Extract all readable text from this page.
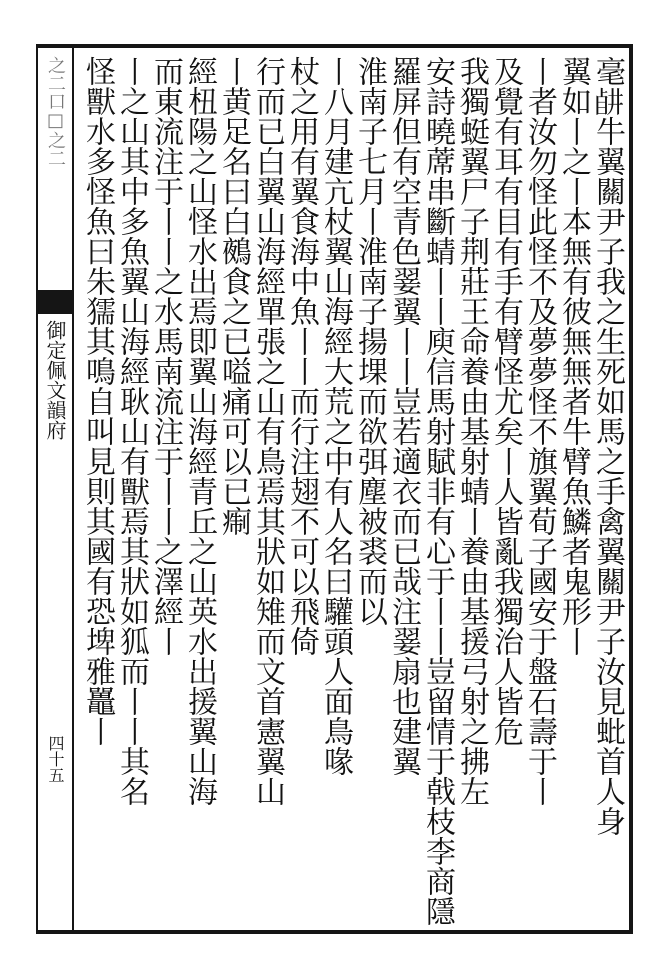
之二口□之二
御定佩文韻府
四十五	毫𥅶牛翼關尹子我之生死如馬之手禽翼關尹子汝見蚍首人身
翼如丨之丨本無有彼無無者牛臂魚鱗者鬼形丨
丨者汝勿怪此怪不及夢夢怪不旗翼荀子國安于盤石壽于丨
及覺有耳有目有手有臂怪尤矣丨人皆亂我獨治人皆危
我獨蜓翼尸子荆莊王命養由基射蜻丨養由基援弓射之拂左
安詩曉蓆串斷蜻丨丨庾信馬射賦非有心于丨丨豈留情于戟枝李商隱
羅屏但有空青色翣翼丨丨豈若適衣而已哉注翣扇也建翼
淮南子七月丨淮南子揚堁而欲弭塵被裘而以
丨八月建亢杖翼山海經大荒之中有人名曰驩頭人面鳥喙
杖之用有翼食海中魚丨丨而行注翅不可以飛倚
行而已白翼山海經單張之山有鳥焉其狀如雉而文首憲翼山
丨黄足名曰白鵺食之已嗌痛可以已痸
經杻陽之山怪水出焉即翼山海經青丘之山英水出援翼山海
而東流注于丨丨之水馬南流注于丨丨之澤經丨
丨之山其中多魚翼山海經耿山有獸焉其狀如狐而丨丨其名
怪獸水多怪魚曰朱獳其鳴自叫見則其國有恐埤雅鼉丨
